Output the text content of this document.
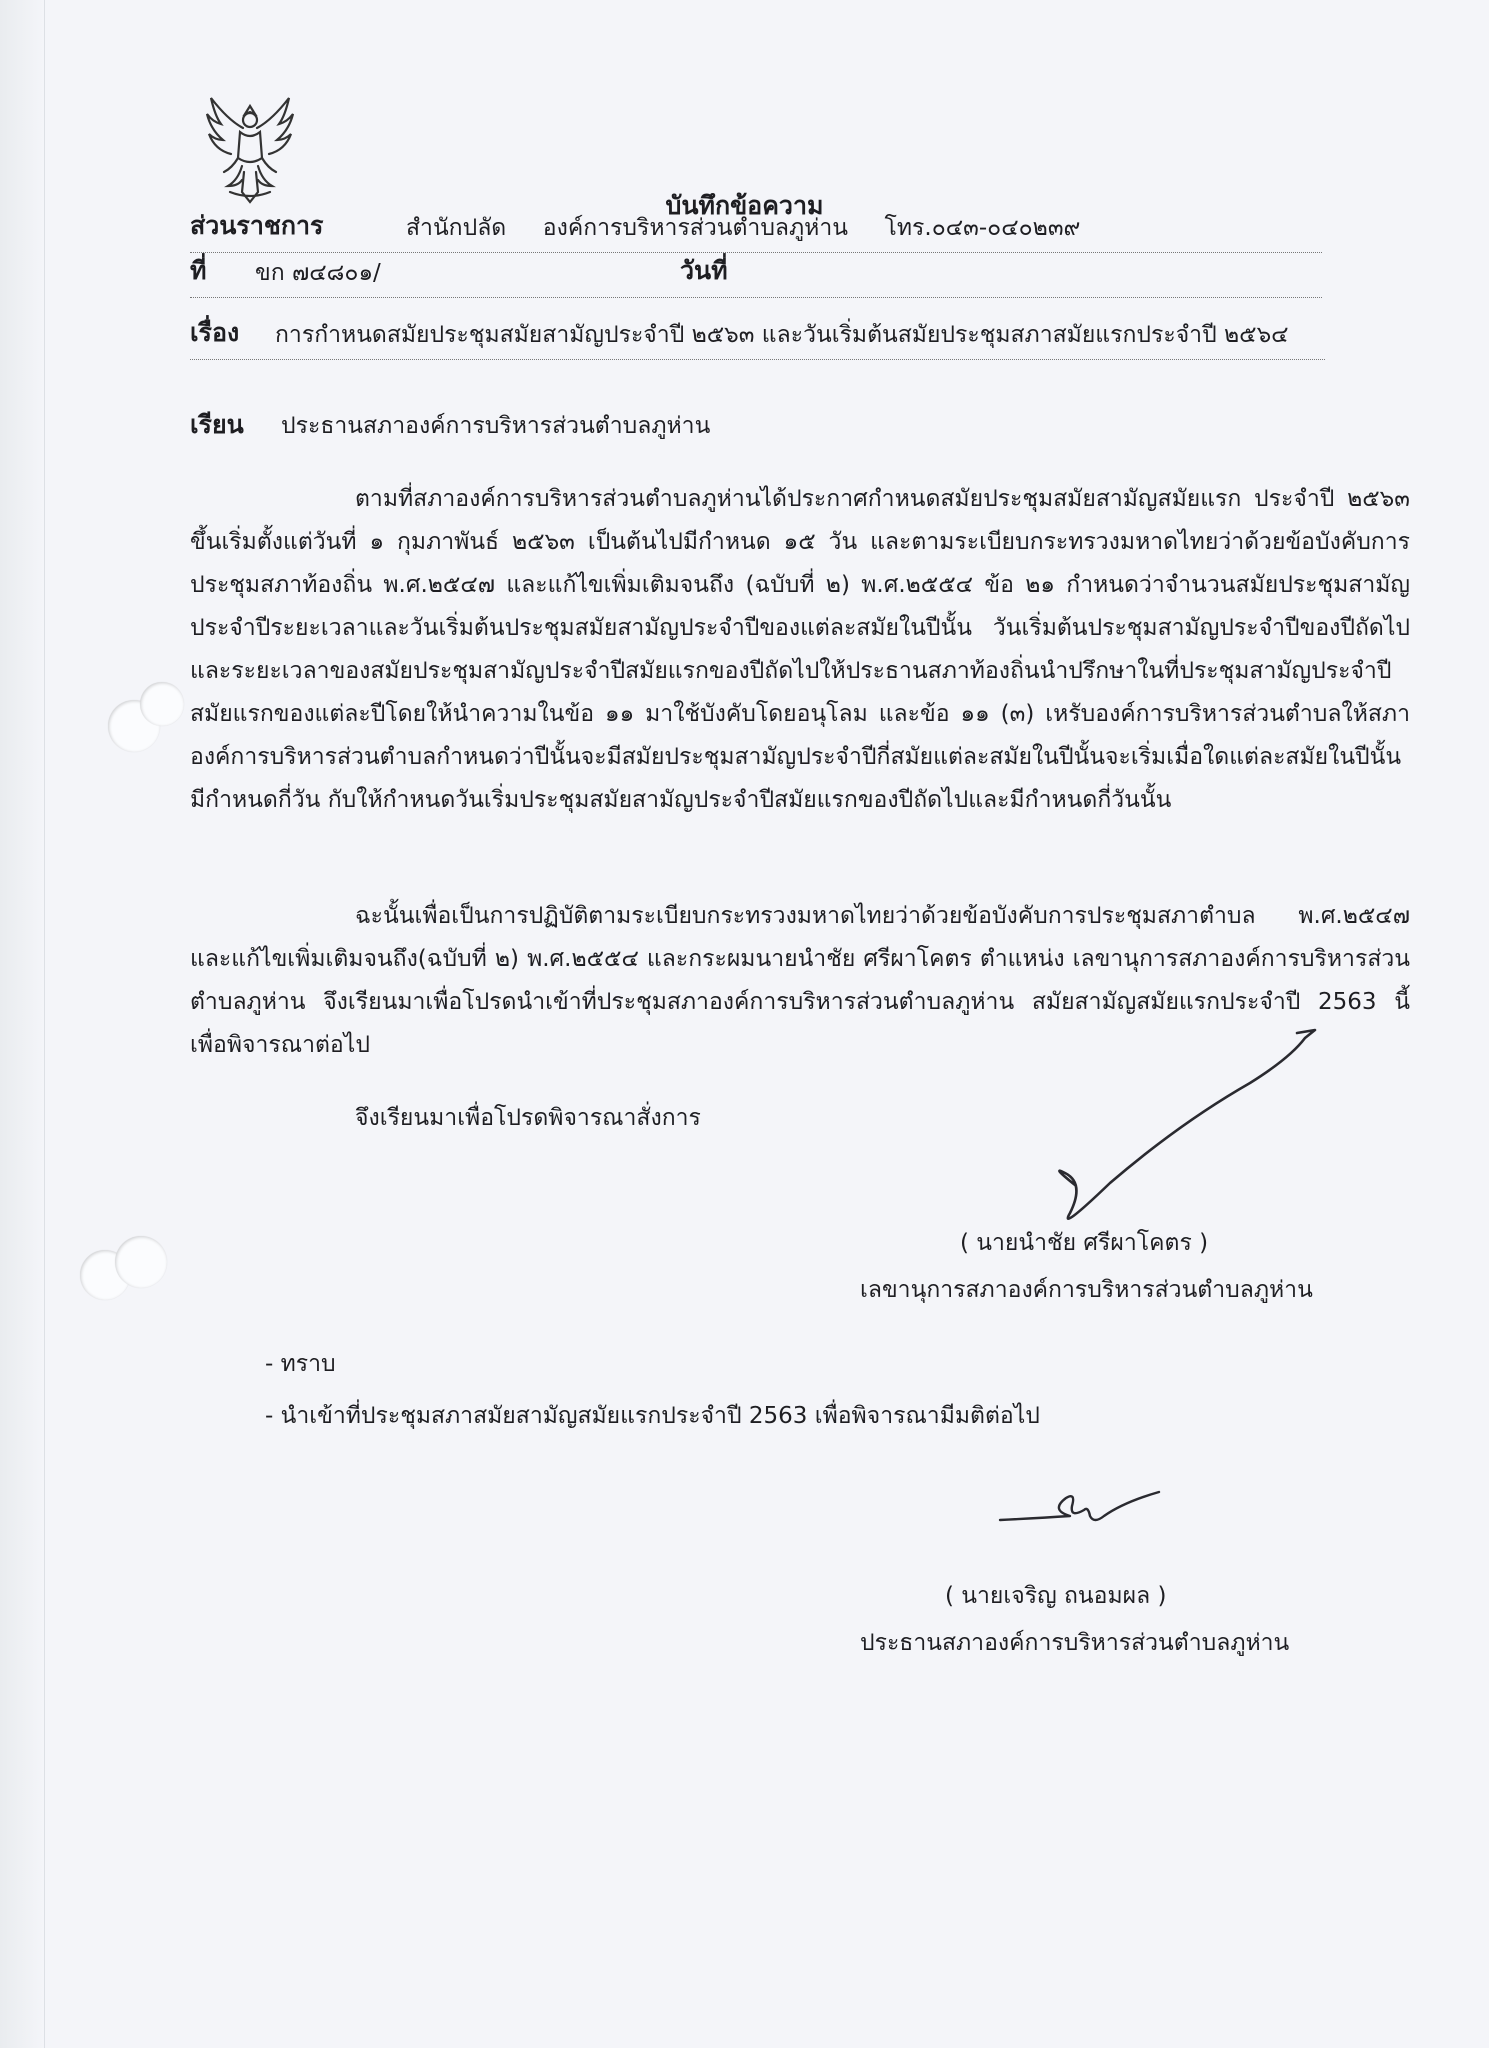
บันทึกข้อความ
ส่วนราชการ	สำนักปลัด     องค์การบริหารส่วนตำบลภูห่าน     โทร.๐๔๓-๐๔๐๒๓๙
ที่ ขก ๗๔๘๐๑/	วันที่
เรื่อง การกำหนดสมัยประชุมสมัยสามัญประจำปี ๒๕๖๓ และวันเริ่มต้นสมัยประชุมสภาสมัยแรกประจำปี ๒๕๖๔
เรียน ประธานสภาองค์การบริหารส่วนตำบลภูห่าน

ตามที่สภาองค์การบริหารส่วนตำบลภูห่านได้ประกาศกำหนดสมัยประชุมสมัยสามัญสมัยแรก ประจำปี ๒๕๖๓ ขึ้นเริ่มตั้งแต่วันที่ ๑ กุมภาพันธ์ ๒๕๖๓ เป็นต้นไปมีกำหนด ๑๕ วัน และตามระเบียบกระทรวงมหาดไทยว่าด้วยข้อบังคับการประชุมสภาท้องถิ่น พ.ศ.๒๕๔๗ และแก้ไขเพิ่มเติมจนถึง (ฉบับที่ ๒) พ.ศ.๒๕๕๔ ข้อ ๒๑ กำหนดว่าจำนวนสมัยประชุมสามัญประจำปีระยะเวลาและวันเริ่มต้นประชุมสมัยสามัญประจำปีของแต่ละสมัยในปีนั้น วันเริ่มต้นประชุมสามัญประจำปีของปีถัดไปและระยะเวลาของสมัยประชุมสามัญประจำปีสมัยแรกของปีถัดไปให้ประธานสภาท้องถิ่นนำปรึกษาในที่ประชุมสามัญประจำปีสมัยแรกของแต่ละปีโดยให้นำความในข้อ ๑๑ มาใช้บังคับโดยอนุโลม และข้อ ๑๑ (๓) เหรับองค์การบริหารส่วนตำบลให้สภาองค์การบริหารส่วนตำบลกำหนดว่าปีนั้นจะมีสมัยประชุมสามัญประจำปีกี่สมัยแต่ละสมัยในปีนั้นจะเริ่มเมื่อใดแต่ละสมัยในปีนั้นมีกำหนดกี่วัน กับให้กำหนดวันเริ่มประชุมสมัยสามัญประจำปีสมัยแรกของปีถัดไปและมีกำหนดกี่วันนั้น

ฉะนั้นเพื่อเป็นการปฏิบัติตามระเบียบกระทรวงมหาดไทยว่าด้วยข้อบังคับการประชุมสภาตำบล พ.ศ.๒๕๔๗ และแก้ไขเพิ่มเติมจนถึง(ฉบับที่ ๒) พ.ศ.๒๕๕๔ และกระผมนายนำชัย ศรีผาโคตร ตำแหน่ง เลขานุการสภาองค์การบริหารส่วนตำบลภูห่าน จึงเรียนมาเพื่อโปรดนำเข้าที่ประชุมสภาองค์การบริหารส่วนตำบลภูห่าน สมัยสามัญสมัยแรกประจำปี 2563 นี้ เพื่อพิจารณาต่อไป

จึงเรียนมาเพื่อโปรดพิจารณาสั่งการ
( นายนำชัย ศรีผาโคตร )
เลขานุการสภาองค์การบริหารส่วนตำบลภูห่าน
- ทราบ
- นำเข้าที่ประชุมสภาสมัยสามัญสมัยแรกประจำปี 2563 เพื่อพิจารณามีมติต่อไป
( นายเจริญ ถนอมผล )
ประธานสภาองค์การบริหารส่วนตำบลภูห่าน
